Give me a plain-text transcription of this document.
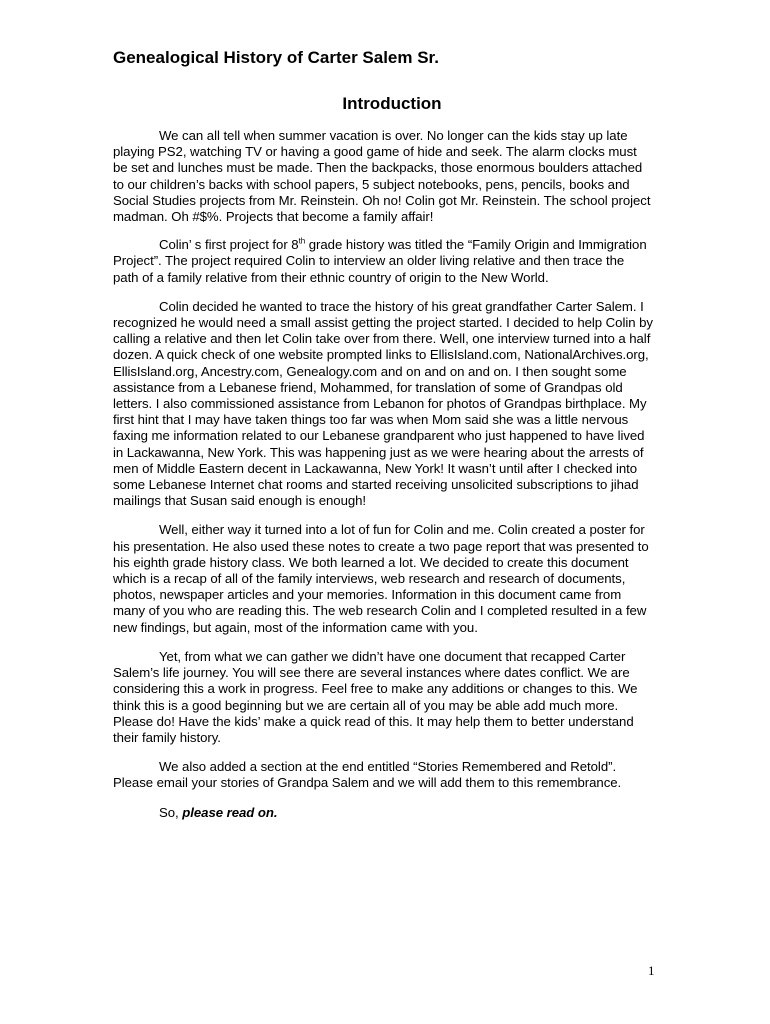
Genealogical History of Carter Salem Sr.
Introduction

We can all tell when summer vacation is over. No longer can the kids stay up late playing PS2, watching TV or having a good game of hide and seek. The alarm clocks must be set and lunches must be made. Then the backpacks, those enormous boulders attached to our children’s backs with school papers, 5 subject notebooks, pens, pencils, books and Social Studies projects from Mr. Reinstein. Oh no! Colin got Mr. Reinstein. The school project madman. Oh #$%. Projects that become a family affair!

Colin’ s first project for 8th grade history was titled the “Family Origin and Immigration Project”. The project required Colin to interview an older living relative and then trace the path of a family relative from their ethnic country of origin to the New World.

Colin decided he wanted to trace the history of his great grandfather Carter Salem. I recognized he would need a small assist getting the project started. I decided to help Colin by calling a relative and then let Colin take over from there. Well, one interview turned into a half dozen. A quick check of one website prompted links to EllisIsland.com, NationalArchives.org, EllisIsland.org, Ancestry.com, Genealogy.com and on and on and on. I then sought some assistance from a Lebanese friend, Mohammed, for translation of some of Grandpas old letters. I also commissioned assistance from Lebanon for photos of Grandpas birthplace. My first hint that I may have taken things too far was when Mom said she was a little nervous faxing me information related to our Lebanese grandparent who just happened to have lived in Lackawanna, New York. This was happening just as we were hearing about the arrests of men of Middle Eastern decent in Lackawanna, New York! It wasn’t until after I checked into some Lebanese Internet chat rooms and started receiving unsolicited subscriptions to jihad mailings that Susan said enough is enough!

Well, either way it turned into a lot of fun for Colin and me. Colin created a poster for his presentation. He also used these notes to create a two page report that was presented to his eighth grade history class. We both learned a lot. We decided to create this document which is a recap of all of the family interviews, web research and research of documents, photos, newspaper articles and your memories. Information in this document came from many of you who are reading this. The web research Colin and I completed resulted in a few new findings, but again, most of the information came with you.

Yet, from what we can gather we didn’t have one document that recapped Carter Salem’s life journey. You will see there are several instances where dates conflict. We are considering this a work in progress. Feel free to make any additions or changes to this. We think this is a good beginning but we are certain all of you may be able add much more. Please do! Have the kids’ make a quick read of this. It may help them to better understand their family history.

We also added a section at the end entitled “Stories Remembered and Retold”. Please email your stories of Grandpa Salem and we will add them to this remembrance.

So, please read on.

1
